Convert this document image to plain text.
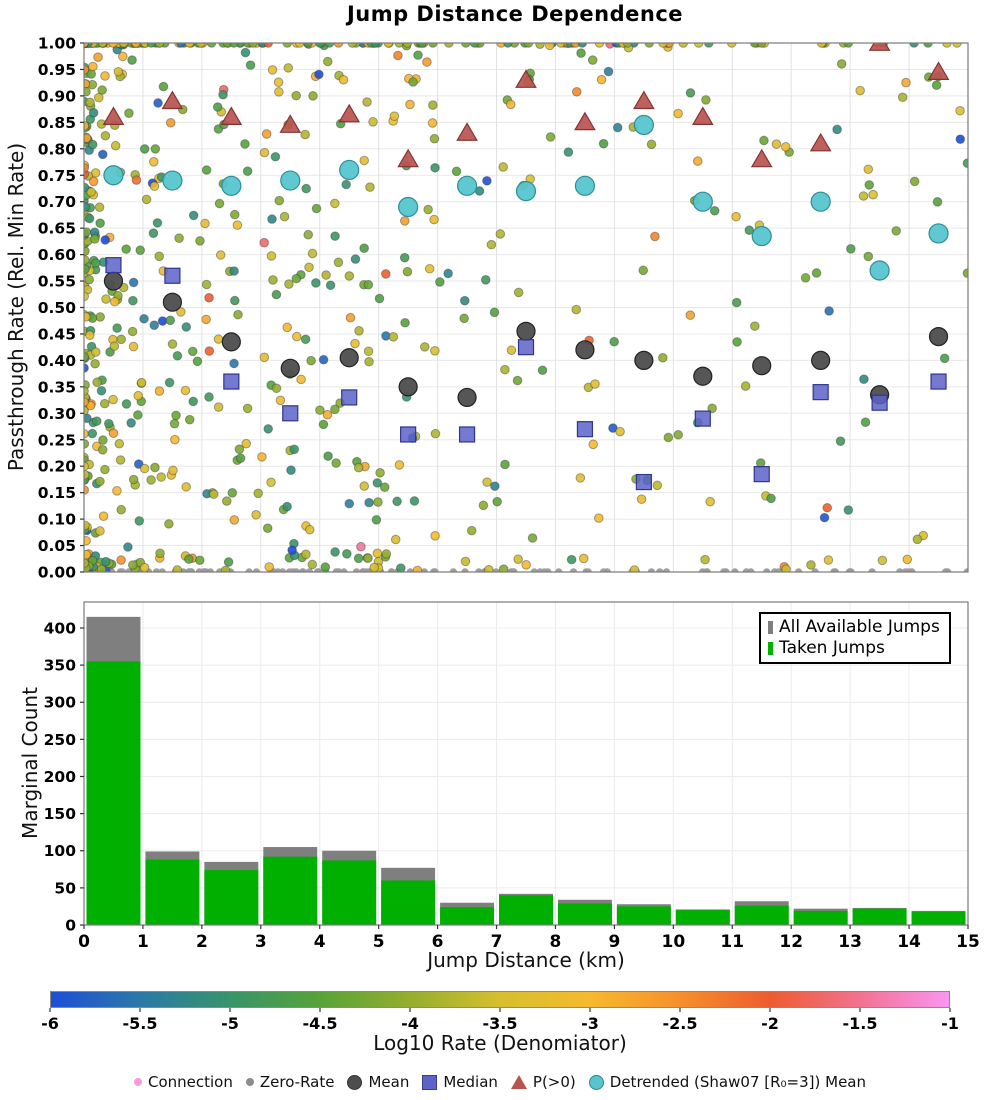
0.00
0.05
0.10
0.15
0.20
0.25
0.30
0.35
0.40
0.45
0.50
0.55
0.60
0.65
0.70
0.75
0.80
0.85
0.90
0.95
1.00
0
50
100
150
200
250
300
350
400
0	1	2	3	4	5	6	7	8	9 10 11 12 13 14 15
-6	-5.5	-5	-4.5	-4	-3.5	-3	-2.5	-2	-1.5	-1
Jump Distance Dependence
Passthrough Rate (Rel. Min Rate)
Marginal Count
Jump Distance (km)
Log10 Rate (Denomiator)
All Available Jumps
Taken Jumps
Connection Zero-Rate Mean Median P(>0) Detrended (Shaw07 [R₀=3]) Mean
